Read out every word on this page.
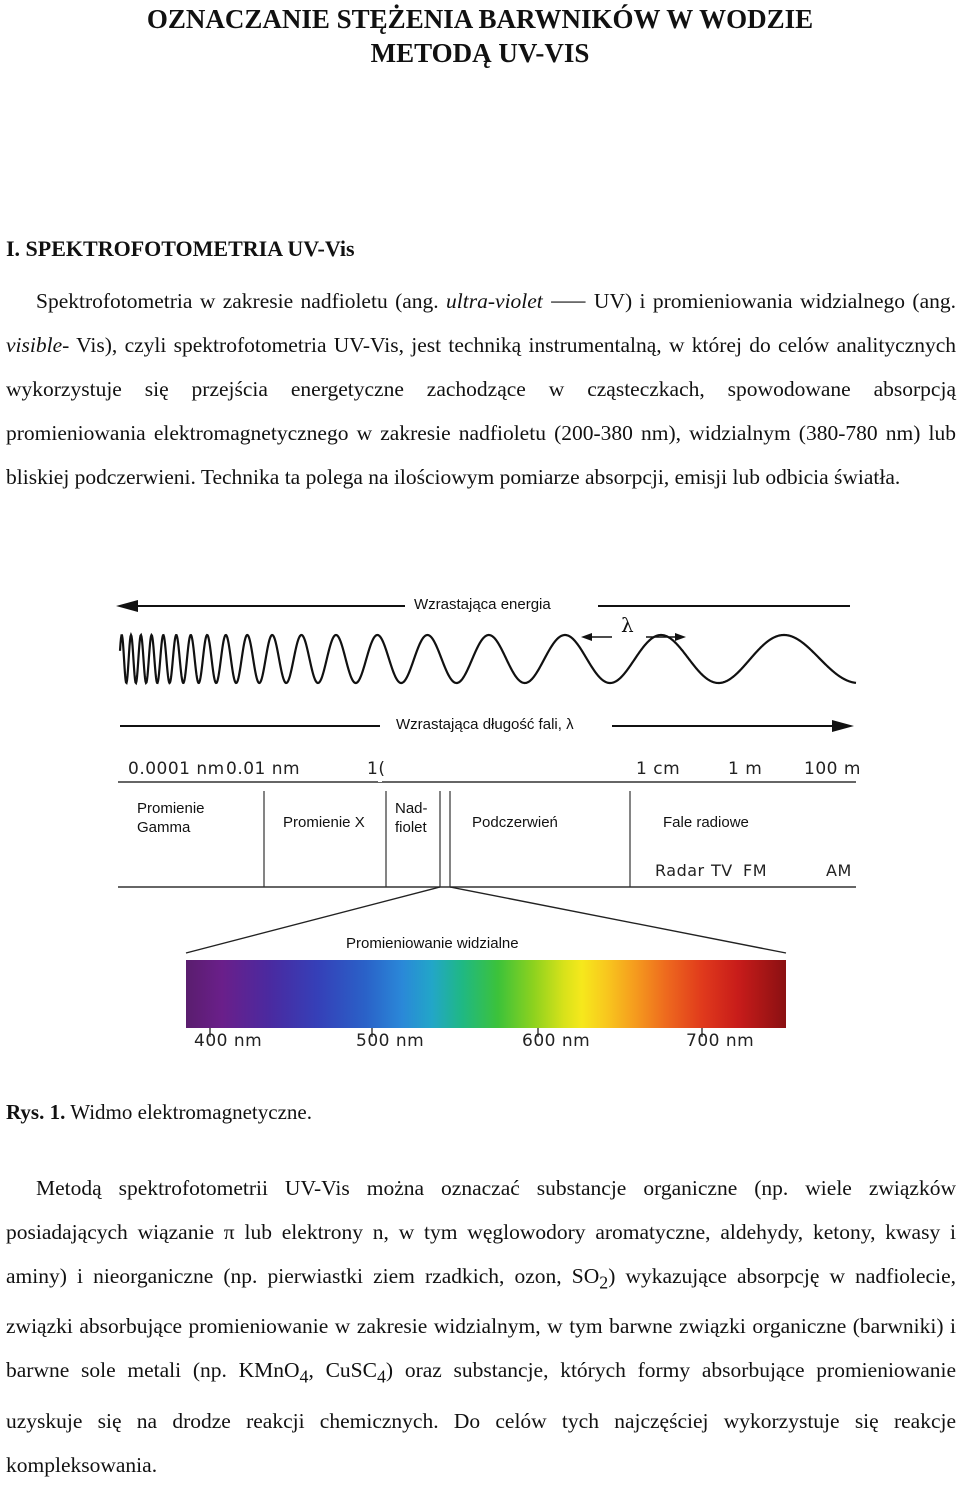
OZNACZANIE STĘŻENIA BARWNIKÓW W WODZIE
METODĄ UV-VIS
I. SPEKTROFOTOMETRIA UV-Vis

Spektrofotometria w zakresie nadfioletu (ang. ultra-violet ⸺ UV) i promieniowania widzialnego (ang. visible- Vis), czyli spektrofotometria UV-Vis, jest techniką instrumentalną, w której do celów analitycznych wykorzystuje się przejścia energetyczne zachodzące w cząsteczkach, spowodowane absorpcją promieniowania elektromagnetycznego w zakresie nadfioletu (200-380 nm), widzialnym (380-780 nm) lub bliskiej podczerwieni. Technika ta polega na ilościowym pomiarze absorpcji, emisji lub odbicia światła.

Wzrastająca energia
λ
Wzrastająca długość fali, λ
0.0001 nm 0.01 nm	1(	1 cm	1 m 100 m
Promienie
Gamma	Promienie X
Nad-
fiolet	Podczerwień	Fale radiowe
Radar TV FM	AM
Promieniowanie widzialne
400 nm	500 nm	600 nm	700 nm
Rys. 1. Widmo elektromagnetyczne.

Metodą spektrofotometrii UV-Vis można oznaczać substancje organiczne (np. wiele związków posiadających wiązanie π lub elektrony n, w tym węglowodory aromatyczne, aldehydy, ketony, kwasy i aminy) i nieorganiczne (np. pierwiastki ziem rzadkich, ozon, $SO_2$) wykazujące absorpcję w nadfiolecie, związki absorbujące promieniowanie w zakresie widzialnym, w tym barwne związki organiczne (barwniki) i barwne sole metali (np. KMnO$_4$, CuSC$_4$) oraz substancje, których formy absorbujące promieniowanie uzyskuje się na drodze reakcji chemicznych. Do celów tych najczęściej wykorzystuje się reakcje kompleksowania.
